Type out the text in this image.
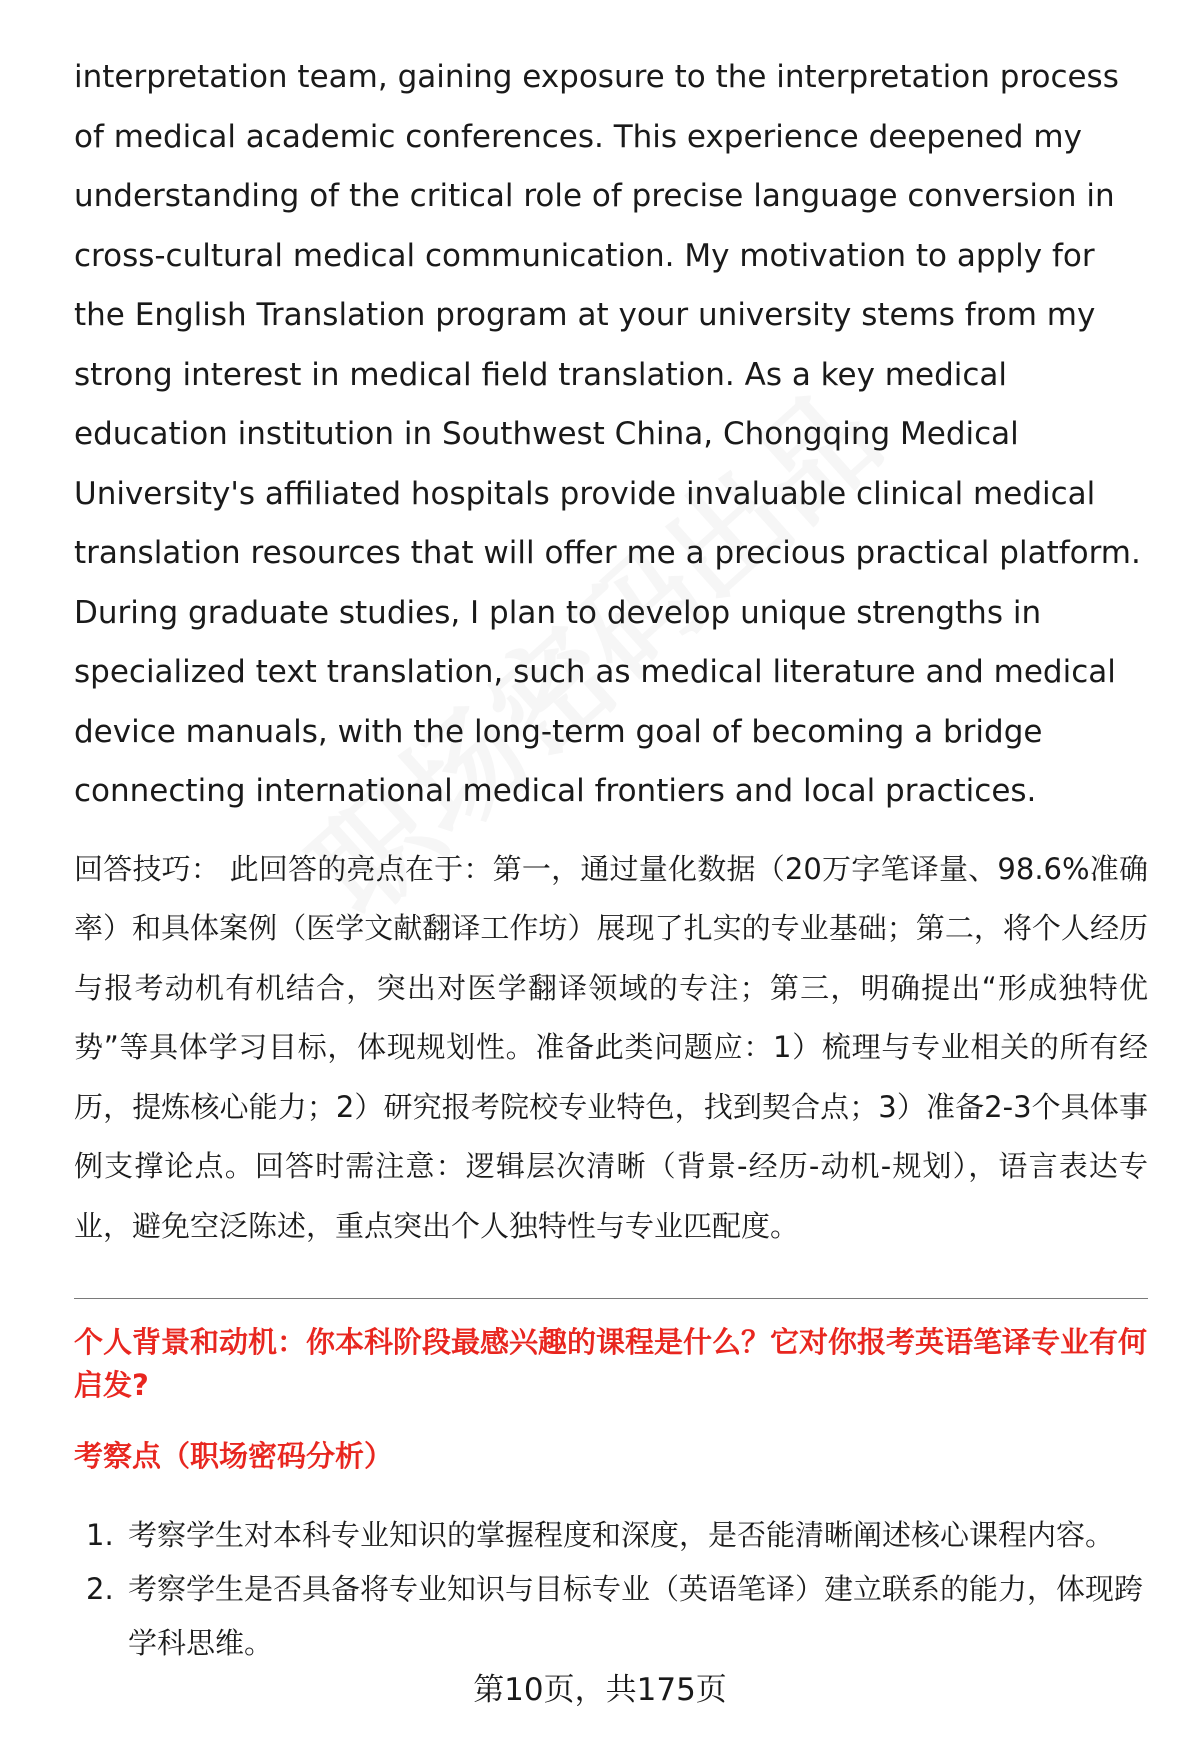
interpretation team, gaining exposure to the interpretation process of medical academic conferences. This experience deepened my understanding of the critical role of precise language conversion in cross-cultural medical communication. My motivation to apply for the English Translation program at your university stems from my strong interest in medical field translation. As a key medical education institution in Southwest China, Chongqing Medical University's affiliated hospitals provide invaluable clinical medical translation resources that will offer me a precious practical platform. During graduate studies, I plan to develop unique strengths in specialized text translation, such as medical literature and medical device manuals, with the long-term goal of becoming a bridge connecting international medical frontiers and local practices.

回答技巧： 此回答的亮点在于：第一，通过量化数据（20万字笔译量、98.6%准确率）和具体案例（医学文献翻译工作坊）展现了扎实的专业基础；第二，将个人经历与报考动机有机结合，突出对医学翻译领域的专注；第三，明确提出“形成独特优势”等具体学习目标，体现规划性。准备此类问题应：1）梳理与专业相关的所有经历，提炼核心能力；2）研究报考院校专业特色，找到契合点；3）准备2-3个具体事例支撑论点。回答时需注意：逻辑层次清晰（背景-经历-动机-规划），语言表达专业，避免空泛陈述，重点突出个人独特性与专业匹配度。

个人背景和动机：你本科阶段最感兴趣的课程是什么？它对你报考英语笔译专业有何启发?
考察点（职场密码分析）
1. 考察学生对本科专业知识的掌握程度和深度，是否能清晰阐述核心课程内容。
2. 考察学生是否具备将专业知识与目标专业（英语笔译）建立联系的能力，体现跨学科思维。
第10页，共175页
